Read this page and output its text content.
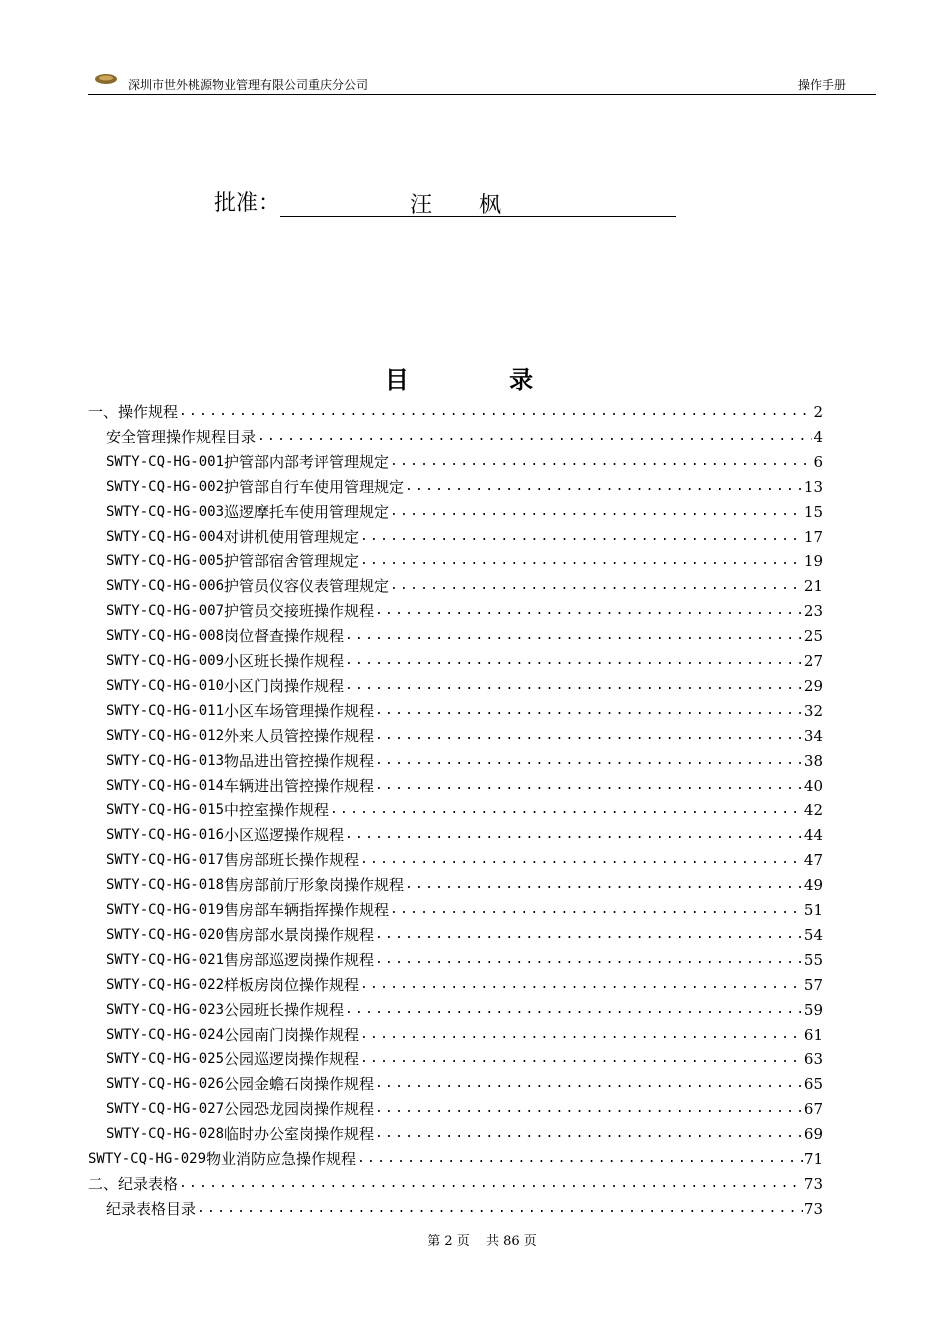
深圳市世外桃源物业管理有限公司重庆分公司	操作手册
批准：	汪 枫
目 录
一、操作规程 .....	2
安全管理操作规程目录 .....	4
SWTY-CQ-HG-001 护管部内部考评管理规定 .....	6
SWTY-CQ-HG-002 护管部自行车使用管理规定 .....	13
SWTY-CQ-HG-003 巡逻摩托车使用管理规定 .....	15
SWTY-CQ-HG-004 对讲机使用管理规定 .....	17
SWTY-CQ-HG-005 护管部宿舍管理规定 .....	19
SWTY-CQ-HG-006 护管员仪容仪表管理规定 .....	21
SWTY-CQ-HG-007 护管员交接班操作规程 .....	23
SWTY-CQ-HG-008 岗位督查操作规程 .....	25
SWTY-CQ-HG-009 小区班长操作规程 .....	27
SWTY-CQ-HG-010 小区门岗操作规程 .....	29
SWTY-CQ-HG-011 小区车场管理操作规程 .....	32
SWTY-CQ-HG-012 外来人员管控操作规程 .....	34
SWTY-CQ-HG-013 物品进出管控操作规程 .....	38
SWTY-CQ-HG-014 车辆进出管控操作规程 .....	40
SWTY-CQ-HG-015 中控室操作规程 .....	42
SWTY-CQ-HG-016 小区巡逻操作规程 .....	44
SWTY-CQ-HG-017 售房部班长操作规程 .....	47
SWTY-CQ-HG-018 售房部前厅形象岗操作规程 .....	49
SWTY-CQ-HG-019 售房部车辆指挥操作规程 .....	51
SWTY-CQ-HG-020 售房部水景岗操作规程 .....	54
SWTY-CQ-HG-021 售房部巡逻岗操作规程 .....	55
SWTY-CQ-HG-022 样板房岗位操作规程 .....	57
SWTY-CQ-HG-023 公园班长操作规程 .....	59
SWTY-CQ-HG-024 公园南门岗操作规程 .....	61
SWTY-CQ-HG-025 公园巡逻岗操作规程 .....	63
SWTY-CQ-HG-026 公园金蟾石岗操作规程 .....	65
SWTY-CQ-HG-027 公园恐龙园岗操作规程 .....	67
SWTY-CQ-HG-028 临时办公室岗操作规程 .....	69
SWTY-CQ-HG-029 物业消防应急操作规程 .....	71
二、纪录表格 .....	73
纪录表格目录 .....	73
第 2 页 共 86 页
